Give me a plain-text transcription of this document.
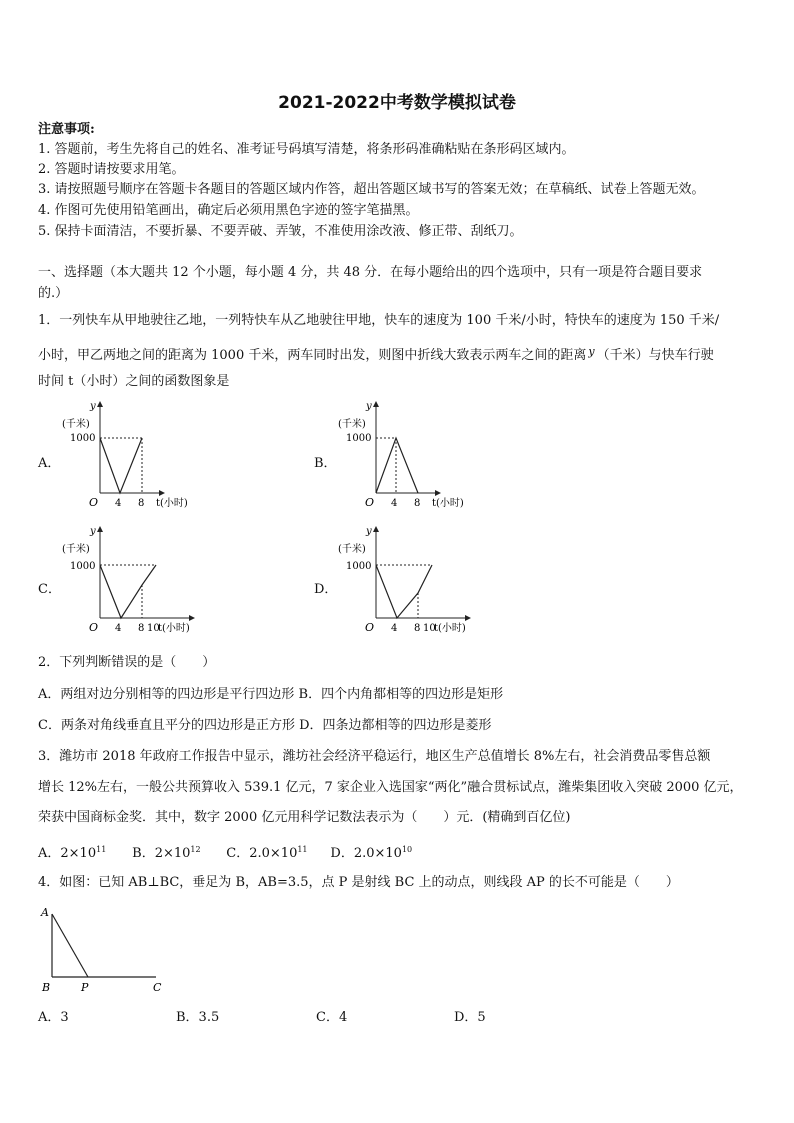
2021-2022中考数学模拟试卷
注意事项:
1. 答题前，考生先将自己的姓名、准考证号码填写清楚，将条形码准确粘贴在条形码区域内。
2. 答题时请按要求用笔。
3. 请按照题号顺序在答题卡各题目的答题区域内作答，超出答题区域书写的答案无效；在草稿纸、试卷上答题无效。
4. 作图可先使用铅笔画出，确定后必须用黑色字迹的签字笔描黑。
5. 保持卡面清洁，不要折暴、不要弄破、弄皱，不准使用涂改液、修正带、刮纸刀。
一、选择题（本大题共 12 个小题，每小题 4 分，共 48 分．在每小题给出的四个选项中，只有一项是符合题目要求
的.）
1．一列快车从甲地驶往乙地，一列特快车从乙地驶往甲地，快车的速度为 100 千米/小时，特快车的速度为 150 千米/
小时，甲乙两地之间的距离为 1000 千米，两车同时出发，则图中折线大致表示两车之间的距离 $^y$ （千米）与快车行驶
时间 t（小时）之间的函数图象是
A．	B．
C．	D．
y
(千米)
1000
O 4 8 t(小时)
y
(千米)
1000
O 4 8 t(小时)
y
(千米)
1000
O 4 8 10
t(小时)
y
(千米)
1000
O 4 8 10
t(小时)
2．下列判断错误的是（　　）
A．两组对边分别相等的四边形是平行四边形 B．四个内角都相等的四边形是矩形
C．两条对角线垂直且平分的四边形是正方形 D．四条边都相等的四边形是菱形
3．潍坊市 2018 年政府工作报告中显示，潍坊社会经济平稳运行，地区生产总值增长 8%左右，社会消费品零售总额
增长 12%左右，一般公共预算收入 539.1 亿元，7 家企业入选国家“两化”融合贯标试点，潍柴集团收入突破 2000 亿元，
荣获中国商标金奖．其中，数字 2000 亿元用科学记数法表示为（　　）元．(精确到百亿位)
A．$2\times 10^{11}$ B．$2\times 10^{12}$ C．$2.0\times 10^{11}$ D．$2.0\times 10^{10}$
4．如图：已知 AB⊥BC，垂足为 B，AB=3.5，点 P 是射线 BC 上的动点，则线段 AP 的长不可能是（　　）
A
B	P	C
A．3	B．3.5	C．4	D．5
